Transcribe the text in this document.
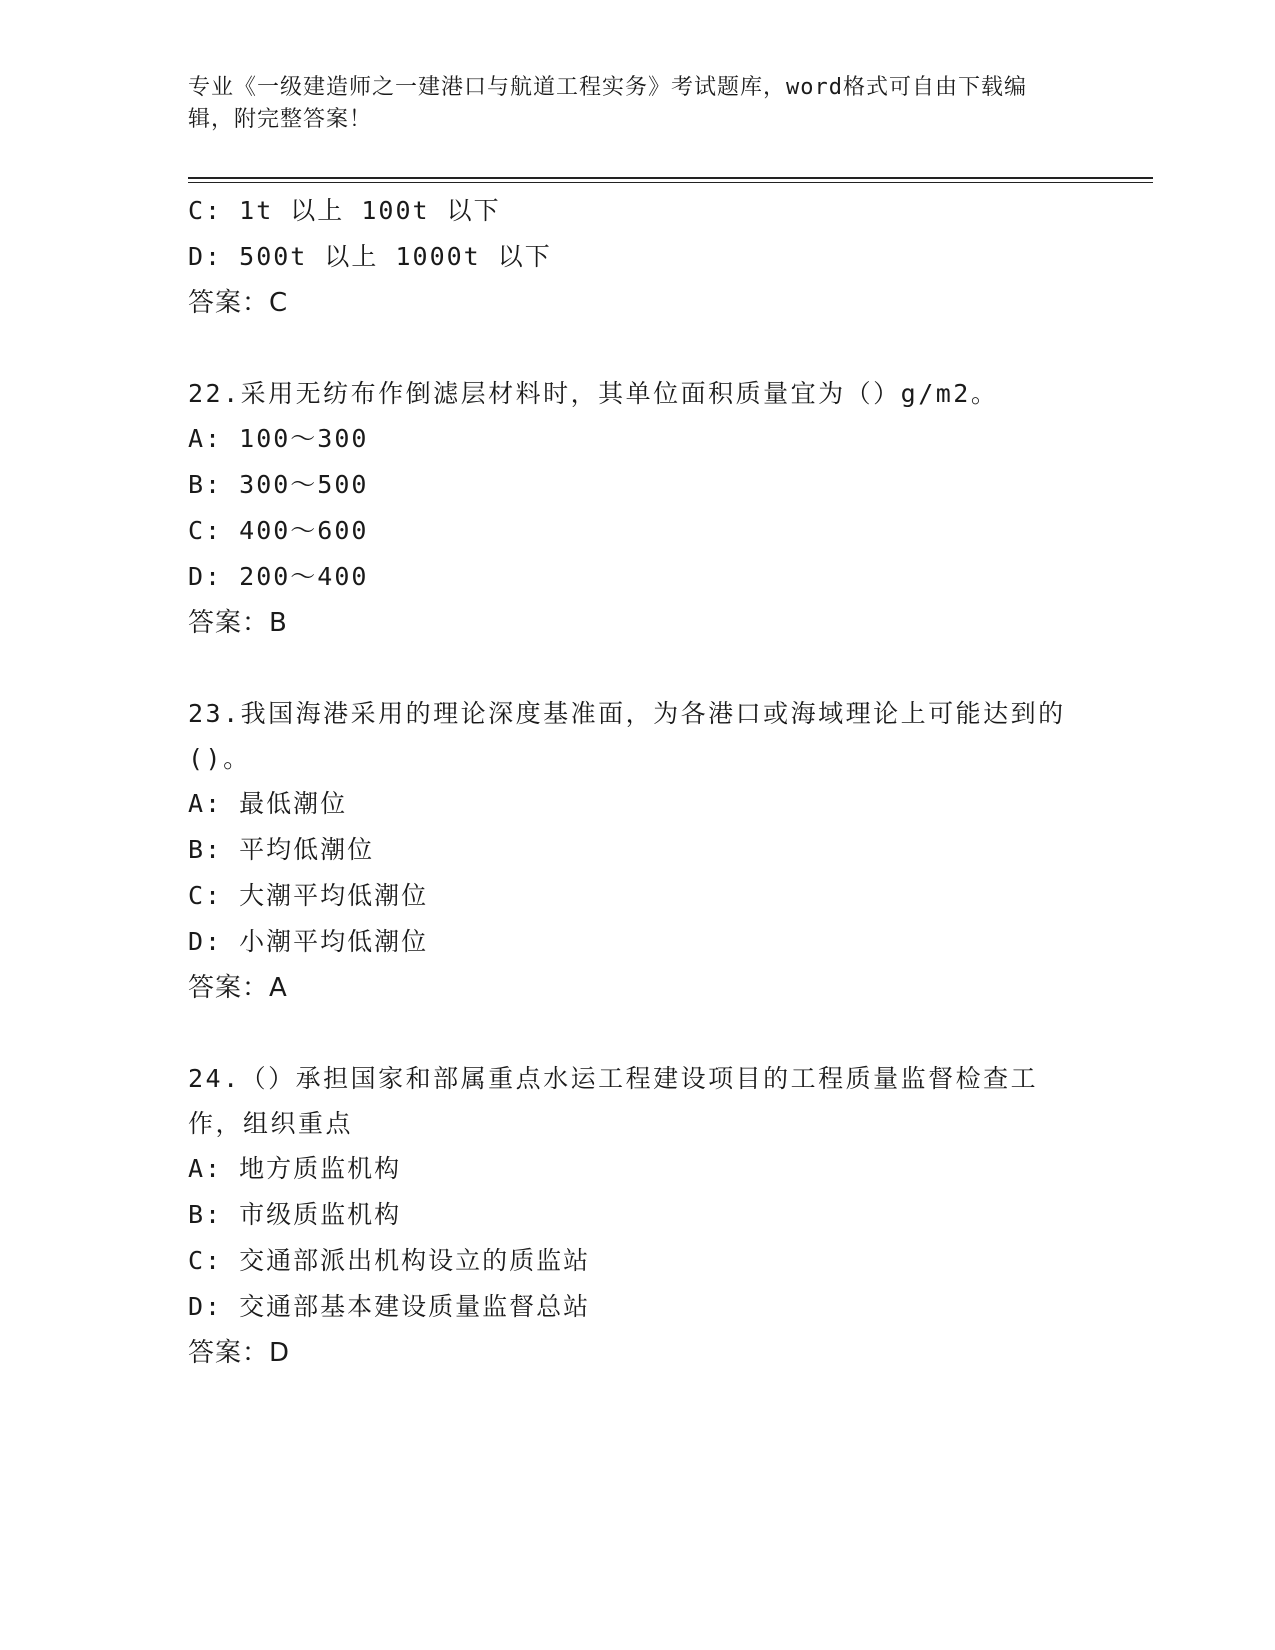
专业《一级建造师之一建港口与航道工程实务》考试题库，word格式可自由下载编辑，附完整答案！
C: 1t 以上 100t 以下
D: 500t 以上 1000t 以下
答案：C
22.采用无纺布作倒滤层材料时，其单位面积质量宜为（）g/m2。
A: 100～300
B: 300～500
C: 400～600
D: 200～400
答案：B
23.我国海港采用的理论深度基准面，为各港口或海域理论上可能达到的()。
A: 最低潮位
B: 平均低潮位
C: 大潮平均低潮位
D: 小潮平均低潮位
答案：A
24.（）承担国家和部属重点水运工程建设项目的工程质量监督检查工作，组织重点
A: 地方质监机构
B: 市级质监机构
C: 交通部派出机构设立的质监站
D: 交通部基本建设质量监督总站
答案：D
